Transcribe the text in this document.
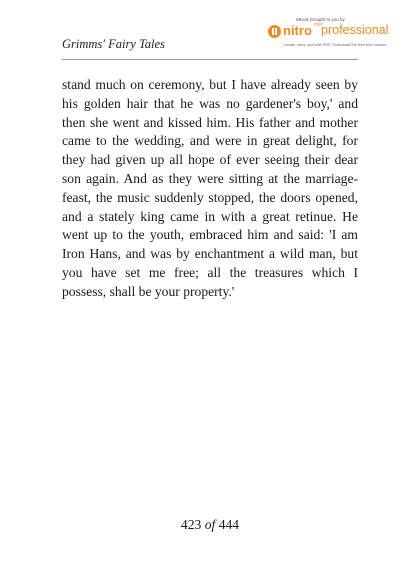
Grimms' Fairy Tales
eBook brought to you by
nitro PDF
professional
Create, view, and edit PDF. Download the free trial version.

stand much on ceremony, but I have already seen by his golden hair that he was no gardener's boy,' and then she went and kissed him. His father and mother came to the wedding, and were in great delight, for they had given up all hope of ever seeing their dear son again. And as they were sitting at the marriage-feast, the music suddenly stopped, the doors opened, and a stately king came in with a great retinue. He went up to the youth, embraced him and said: 'I am Iron Hans, and was by enchantment a wild man, but you have set me free; all the treasures which I possess, shall be your property.'

423 of 444
